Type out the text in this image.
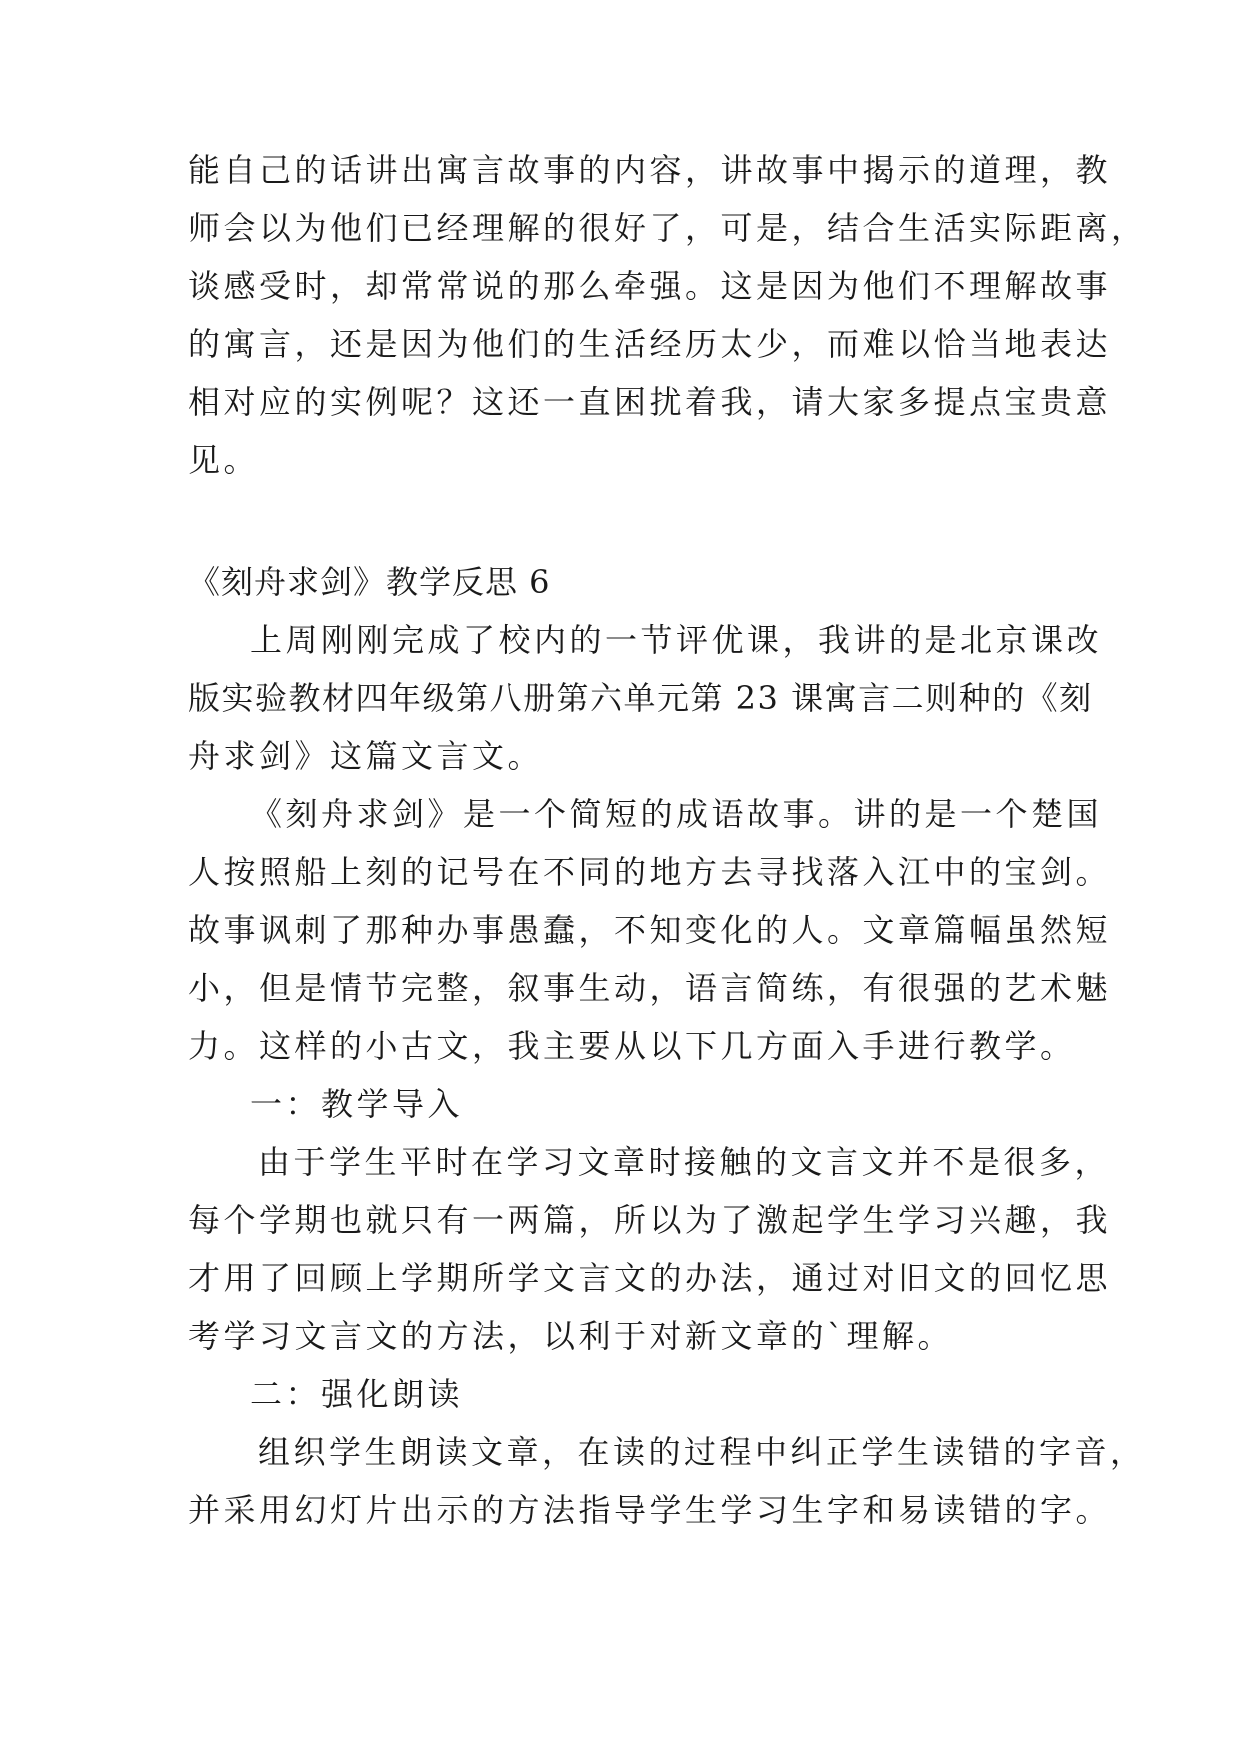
能自己的话讲出寓言故事的内容，讲故事中揭示的道理，教
师会以为他们已经理解的很好了，可是，结合生活实际距离，
谈感受时，却常常说的那么牵强。这是因为他们不理解故事
的寓言，还是因为他们的生活经历太少，而难以恰当地表达
相对应的实例呢？这还一直困扰着我，请大家多提点宝贵意
见。
《刻舟求剑》教学反思 6
上周刚刚完成了校内的一节评优课，我讲的是北京课改
版实验教材四年级第八册第六单元第 23 课寓言二则种的《刻
舟求剑》这篇文言文。
《刻舟求剑》是一个简短的成语故事。讲的是一个楚国
人按照船上刻的记号在不同的地方去寻找落入江中的宝剑。
故事讽刺了那种办事愚蠢，不知变化的人。文章篇幅虽然短
小，但是情节完整，叙事生动，语言简练，有很强的艺术魅
力。这样的小古文，我主要从以下几方面入手进行教学。
一：教学导入
由于学生平时在学习文章时接触的文言文并不是很多，
每个学期也就只有一两篇，所以为了激起学生学习兴趣，我
才用了回顾上学期所学文言文的办法，通过对旧文的回忆思
考学习文言文的方法，以利于对新文章的`理解。
二：强化朗读
组织学生朗读文章，在读的过程中纠正学生读错的字音，
并采用幻灯片出示的方法指导学生学习生字和易读错的字。
